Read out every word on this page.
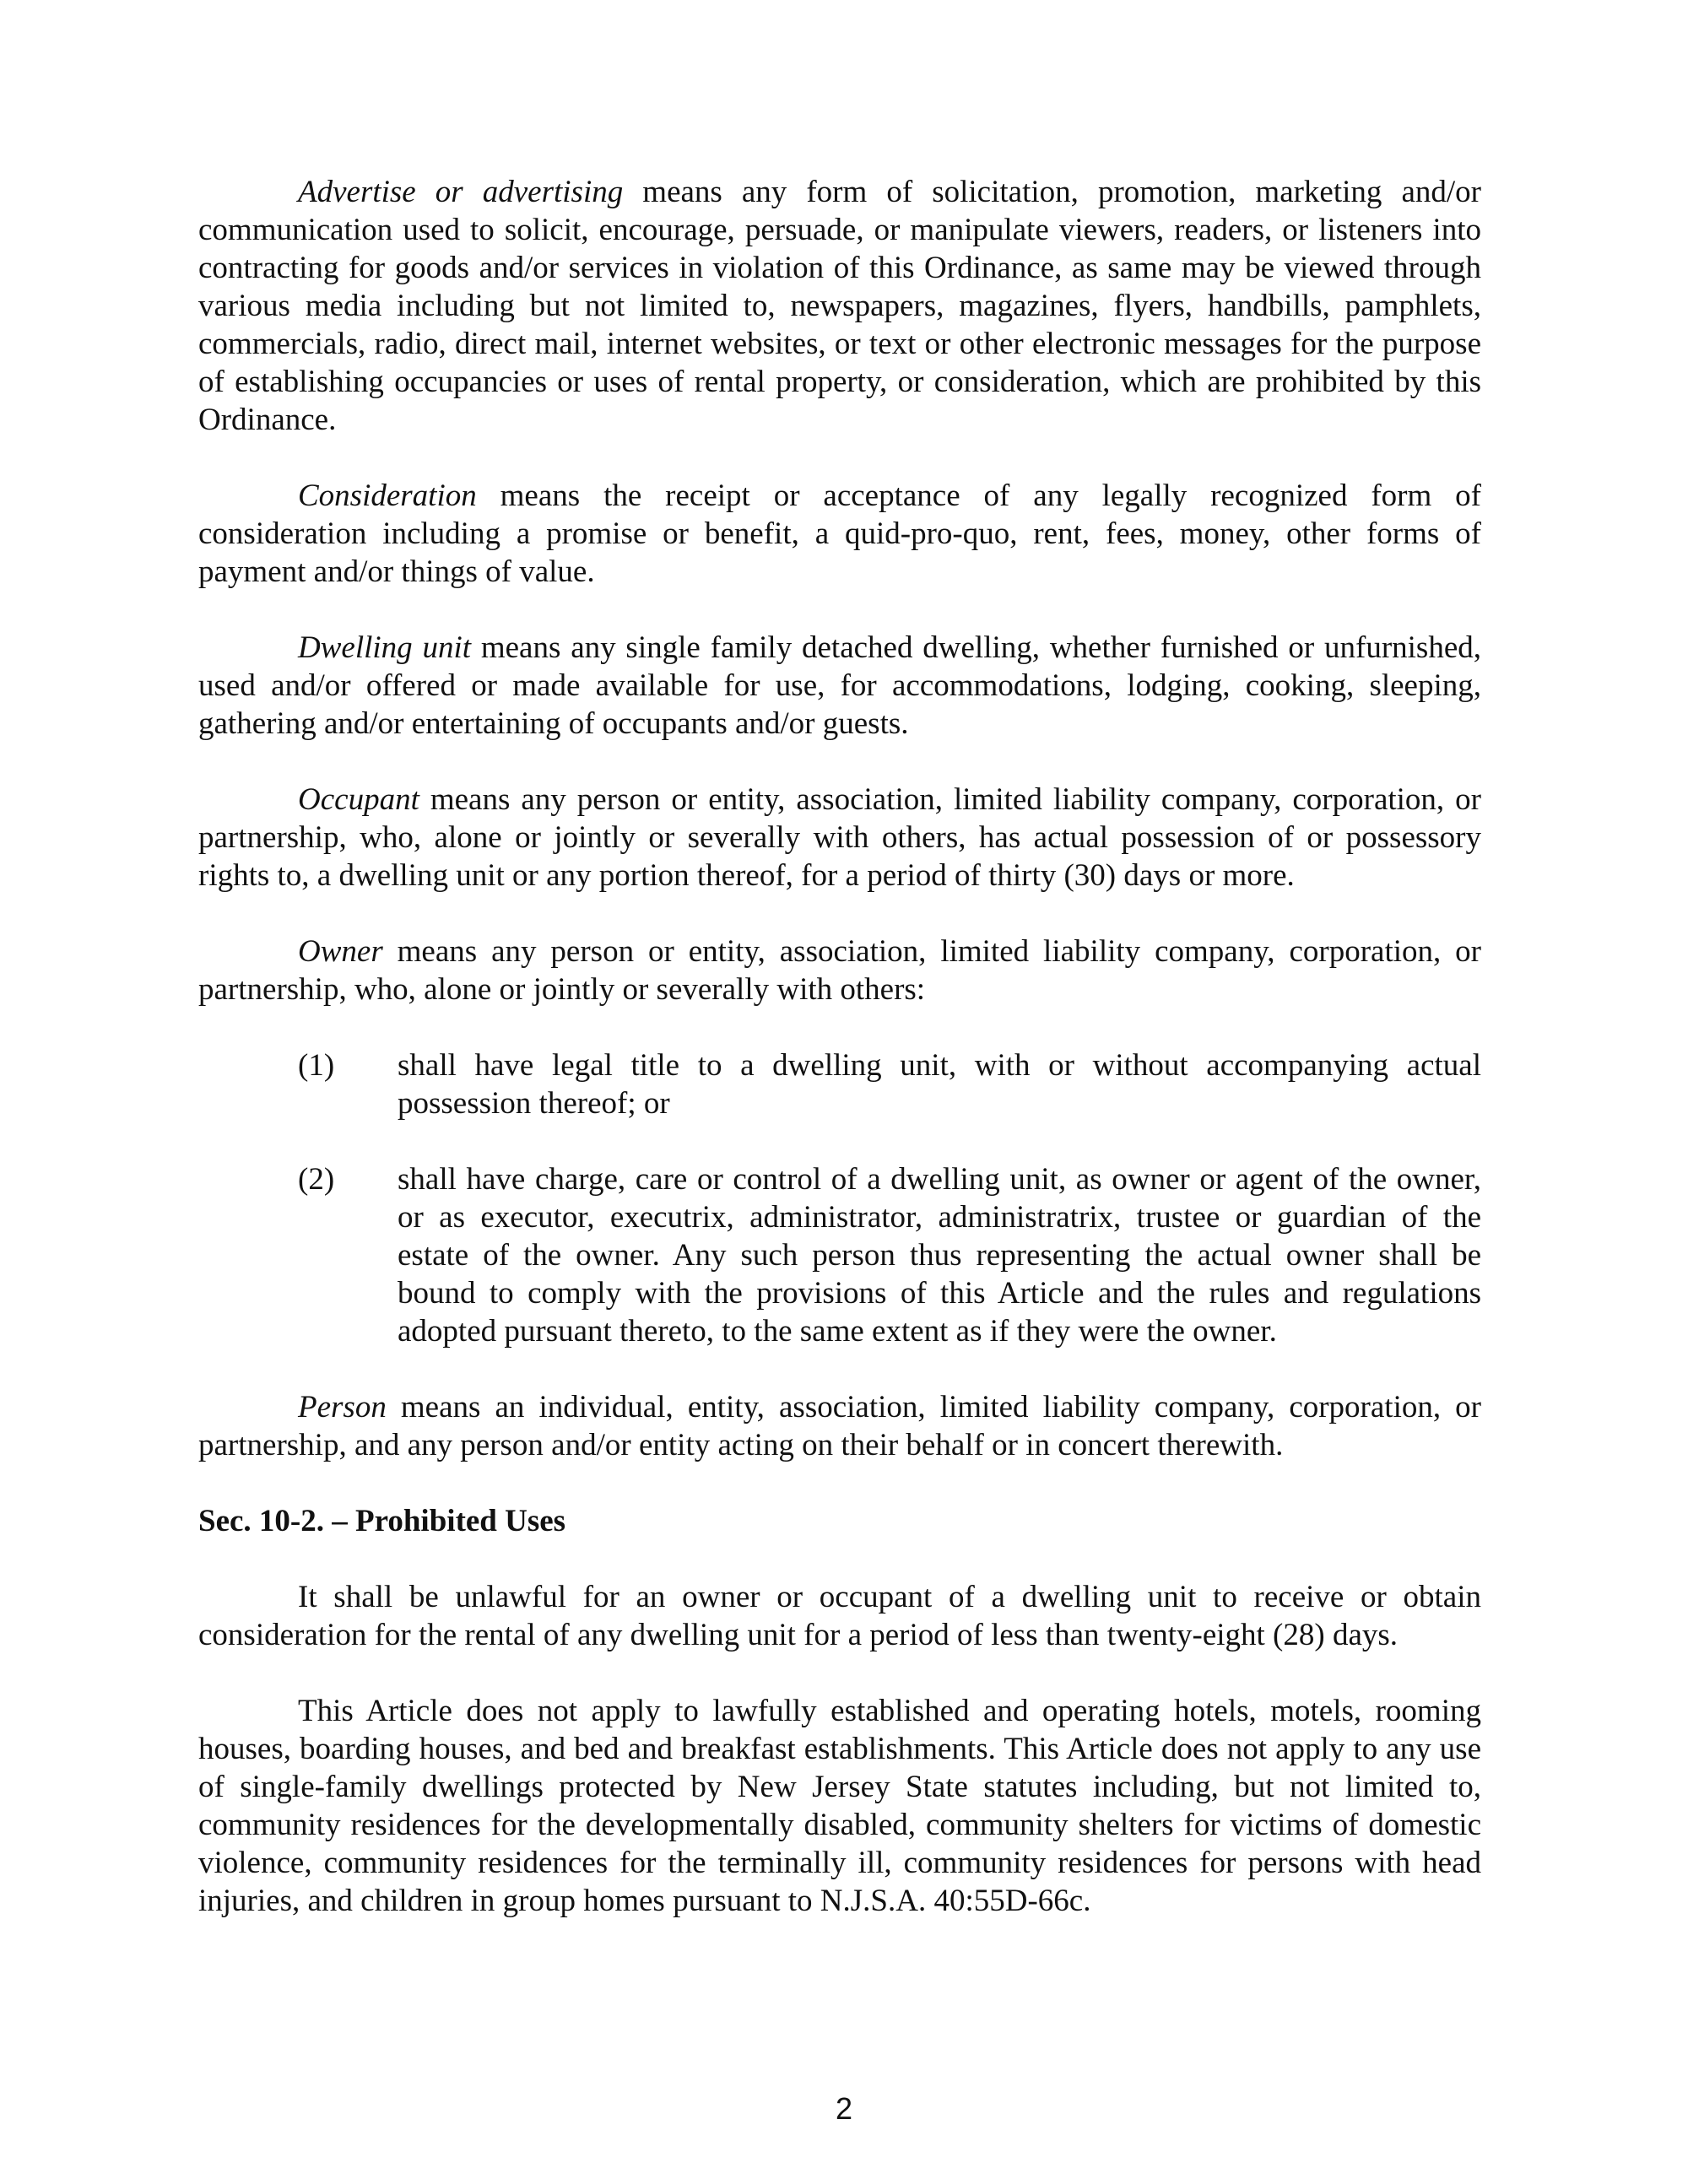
Advertise or advertising means any form of solicitation, promotion, marketing and/or communication used to solicit, encourage, persuade, or manipulate viewers, readers, or listeners into contracting for goods and/or services in violation of this Ordinance, as same may be viewed through various media including but not limited to, newspapers, magazines, flyers, handbills, pamphlets, commercials, radio, direct mail, internet websites, or text or other electronic messages for the purpose of establishing occupancies or uses of rental property, or consideration, which are prohibited by this Ordinance.

Consideration means the receipt or acceptance of any legally recognized form of consideration including a promise or benefit, a quid-pro-quo, rent, fees, money, other forms of payment and/or things of value.

Dwelling unit means any single family detached dwelling, whether furnished or unfurnished, used and/or offered or made available for use, for accommodations, lodging, cooking, sleeping, gathering and/or entertaining of occupants and/or guests.

Occupant means any person or entity, association, limited liability company, corporation, or partnership, who, alone or jointly or severally with others, has actual possession of or possessory rights to, a dwelling unit or any portion thereof, for a period of thirty (30) days or more.

Owner means any person or entity, association, limited liability company, corporation, or partnership, who, alone or jointly or severally with others:

(1) shall have legal title to a dwelling unit, with or without accompanying actual possession thereof; or
(2) shall have charge, care or control of a dwelling unit, as owner or agent of the owner, or as executor, executrix, administrator, administratrix, trustee or guardian of the estate of the owner. Any such person thus representing the actual owner shall be bound to comply with the provisions of this Article and the rules and regulations adopted pursuant thereto, to the same extent as if they were the owner.

Person means an individual, entity, association, limited liability company, corporation, or partnership, and any person and/or entity acting on their behalf or in concert therewith.

Sec. 10-2. – Prohibited Uses

It shall be unlawful for an owner or occupant of a dwelling unit to receive or obtain consideration for the rental of any dwelling unit for a period of less than twenty-eight (28) days.

This Article does not apply to lawfully established and operating hotels, motels, rooming houses, boarding houses, and bed and breakfast establishments. This Article does not apply to any use of single-family dwellings protected by New Jersey State statutes including, but not limited to, community residences for the developmentally disabled, community shelters for victims of domestic violence, community residences for the terminally ill, community residences for persons with head injuries, and children in group homes pursuant to N.J.S.A. 40:55D-66c.

2
